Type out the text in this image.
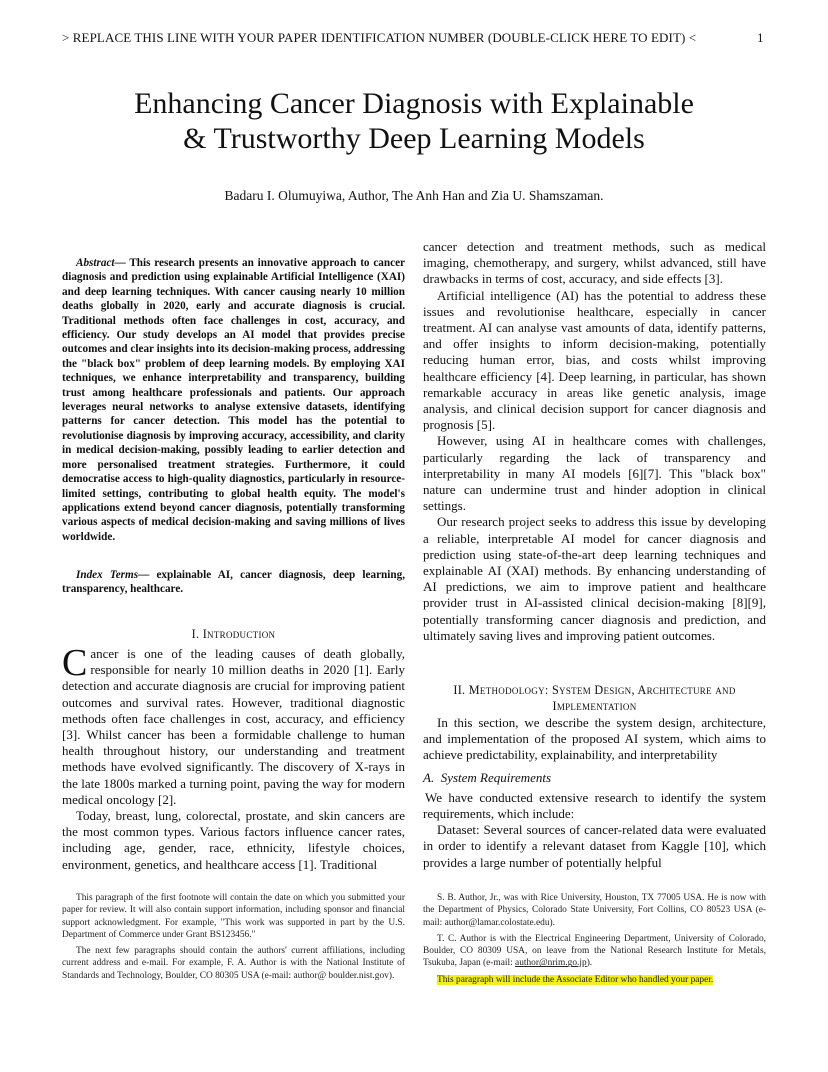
> REPLACE THIS LINE WITH YOUR PAPER IDENTIFICATION NUMBER (DOUBLE-CLICK HERE TO EDIT) <	1
Enhancing Cancer Diagnosis with Explainable
& Trustworthy Deep Learning Models
Badaru I. Olumuyiwa, Author, The Anh Han and Zia U. Shamszaman.
Abstract— This research presents an innovative approach to cancer diagnosis and prediction using explainable Artificial Intelligence (XAI) and deep learning techniques. With cancer causing nearly 10 million deaths globally in 2020, early and accurate diagnosis is crucial. Traditional methods often face challenges in cost, accuracy, and efficiency. Our study develops an AI model that provides precise outcomes and clear insights into its decision-making process, addressing the "black box" problem of deep learning models. By employing XAI techniques, we enhance interpretability and transparency, building trust among healthcare professionals and patients. Our approach leverages neural networks to analyse extensive datasets, identifying patterns for cancer detection. This model has the potential to revolutionise diagnosis by improving accuracy, accessibility, and clarity in medical decision-making, possibly leading to earlier detection and more personalised treatment strategies. Furthermore, it could democratise access to high-quality diagnostics, particularly in resource-limited settings, contributing to global health equity. The model's applications extend beyond cancer diagnosis, potentially transforming various aspects of medical decision-making and saving millions of lives worldwide.
Index Terms— explainable AI, cancer diagnosis, deep learning, transparency, healthcare.
I. Introduction

Cancer is one of the leading causes of death globally, responsible for nearly 10 million deaths in 2020 [1]. Early detection and accurate diagnosis are crucial for improving patient outcomes and survival rates. However, traditional diagnostic methods often face challenges in cost, accuracy, and efficiency [3]. Whilst cancer has been a formidable challenge to human health throughout history, our understanding and treatment methods have evolved significantly. The discovery of X-rays in the late 1800s marked a turning point, paving the way for modern medical oncology [2].

Today, breast, lung, colorectal, prostate, and skin cancers are the most common types. Various factors influence cancer rates, including age, gender, race, ethnicity, lifestyle choices, environment, genetics, and healthcare access [1]. Traditional

This paragraph of the first footnote will contain the date on which you submitted your paper for review. It will also contain support information, including sponsor and financial support acknowledgment. For example, "This work was supported in part by the U.S. Department of Commerce under Grant BS123456."

The next few paragraphs should contain the authors' current affiliations, including current address and e-mail. For example, F. A. Author is with the National Institute of Standards and Technology, Boulder, CO 80305 USA (e-mail: author@ boulder.nist.gov).

cancer detection and treatment methods, such as medical imaging, chemotherapy, and surgery, whilst advanced, still have drawbacks in terms of cost, accuracy, and side effects [3].

Artificial intelligence (AI) has the potential to address these issues and revolutionise healthcare, especially in cancer treatment. AI can analyse vast amounts of data, identify patterns, and offer insights to inform decision-making, potentially reducing human error, bias, and costs whilst improving healthcare efficiency [4]. Deep learning, in particular, has shown remarkable accuracy in areas like genetic analysis, image analysis, and clinical decision support for cancer diagnosis and prognosis [5].

However, using AI in healthcare comes with challenges, particularly regarding the lack of transparency and interpretability in many AI models [6][7]. This "black box" nature can undermine trust and hinder adoption in clinical settings.

Our research project seeks to address this issue by developing a reliable, interpretable AI model for cancer diagnosis and prediction using state-of-the-art deep learning techniques and explainable AI (XAI) methods. By enhancing understanding of AI predictions, we aim to improve patient and healthcare provider trust in AI-assisted clinical decision-making [8][9], potentially transforming cancer diagnosis and prediction, and ultimately saving lives and improving patient outcomes.

II. Methodology: System Design, Architecture and
Implementation

In this section, we describe the system design, architecture, and implementation of the proposed AI system, which aims to achieve predictability, explainability, and interpretability

A. System Requirements

We have conducted extensive research to identify the system requirements, which include:

Dataset: Several sources of cancer-related data were evaluated in order to identify a relevant dataset from Kaggle [10], which provides a large number of potentially helpful

S. B. Author, Jr., was with Rice University, Houston, TX 77005 USA. He is now with the Department of Physics, Colorado State University, Fort Collins, CO 80523 USA (e-mail: author@lamar.colostate.edu).

T. C. Author is with the Electrical Engineering Department, University of Colorado, Boulder, CO 80309 USA, on leave from the National Research Institute for Metals, Tsukuba, Japan (e-mail: author@nrim.go.jp).

This paragraph will include the Associate Editor who handled your paper.
